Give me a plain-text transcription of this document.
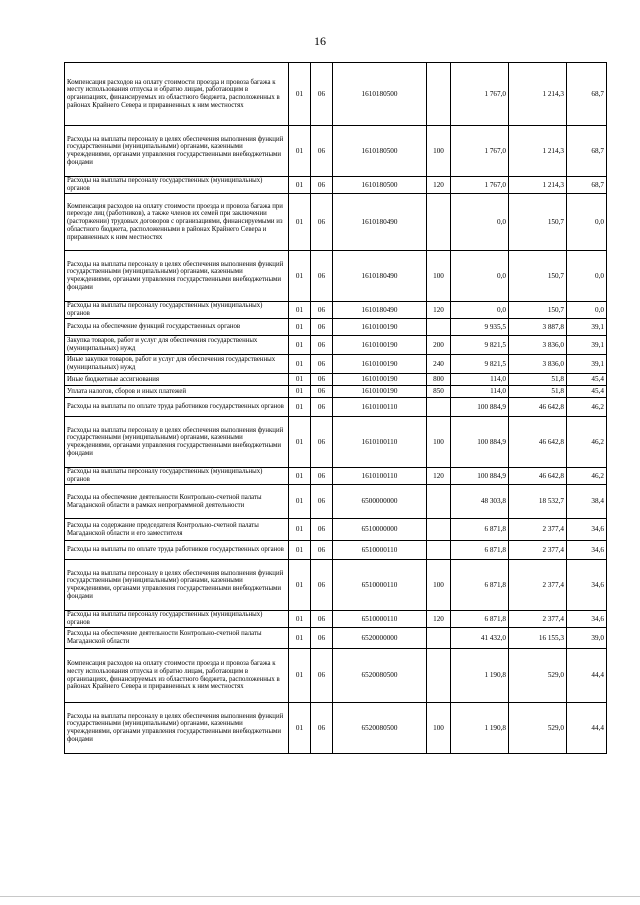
16
Компенсация расходов на оплату стоимости проезда и провоза багажа к месту использования отпуска и обратно лицам, работающим в организациях, финансируемых из областного бюджета, расположенных в районах Крайнего Севера и приравненных к ним местностях	01	06	1610180500		1 767,0	1 214,3	68,7
Расходы на выплаты персоналу в целях обеспечения выполнения функций государственными (муниципальными) органами, казенными учреждениями, органами управления государственными внебюджетными фондами	01	06	1610180500	100	1 767,0	1 214,3	68,7
Расходы на выплаты персоналу государственных (муниципальных) органов	01	06	1610180500	120	1 767,0	1 214,3	68,7
Компенсация расходов на оплату стоимости проезда и провоза багажа при переезде лиц (работников), а также членов их семей при заключении (расторжении) трудовых договоров с организациями, финансируемыми из областного бюджета, расположенными в районах Крайнего Севера и приравненных к ним местностях	01	06	1610180490		0,0	150,7	0,0
Расходы на выплаты персоналу в целях обеспечения выполнения функций государственными (муниципальными) органами, казенными учреждениями, органами управления государственными внебюджетными фондами	01	06	1610180490	100	0,0	150,7	0,0
Расходы на выплаты персоналу государственных (муниципальных) органов	01	06	1610180490	120	0,0	150,7	0,0
Расходы на обеспечение функций государственных органов	01	06	1610100190		9 935,5	3 887,8	39,1
Закупка товаров, работ и услуг для обеспечения государственных (муниципальных) нужд	01	06	1610100190	200	9 821,5	3 836,0	39,1
Иные закупки товаров, работ и услуг для обеспечения государственных (муниципальных) нужд	01	06	1610100190	240	9 821,5	3 836,0	39,1
Иные бюджетные ассигнования	01	06	1610100190	800	114,0	51,8	45,4
Уплата налогов, сборов и иных платежей	01	06	1610100190	850	114,0	51,8	45,4
Расходы на выплаты по оплате труда работников государственных органов	01	06	1610100110		100 884,9	46 642,8	46,2
Расходы на выплаты персоналу в целях обеспечения выполнения функций государственными (муниципальными) органами, казенными учреждениями, органами управления государственными внебюджетными фондами	01	06	1610100110	100	100 884,9	46 642,8	46,2
Расходы на выплаты персоналу государственных (муниципальных) органов	01	06	1610100110	120	100 884,9	46 642,8	46,2
Расходы на обеспечение деятельности Контрольно-счетной палаты Магаданской области в рамках непрограммной деятельности	01	06	6500000000		48 303,8	18 532,7	38,4
Расходы на содержание председателя Контрольно-счетной палаты Магаданской области и его заместителя	01	06	6510000000		6 871,8	2 377,4	34,6
Расходы на выплаты по оплате труда работников государственных органов	01	06	6510000110		6 871,8	2 377,4	34,6
Расходы на выплаты персоналу в целях обеспечения выполнения функций государственными (муниципальными) органами, казенными учреждениями, органами управления государственными внебюджетными фондами	01	06	6510000110	100	6 871,8	2 377,4	34,6
Расходы на выплаты персоналу государственных (муниципальных) органов	01	06	6510000110	120	6 871,8	2 377,4	34,6
Расходы на обеспечение деятельности Контрольно-счетной палаты Магаданской области	01	06	6520000000		41 432,0	16 155,3	39,0
Компенсация расходов на оплату стоимости проезда и провоза багажа к месту использования отпуска и обратно лицам, работающим в организациях, финансируемых из областного бюджета, расположенных в районах Крайнего Севера и приравненных к ним местностях	01	06	6520080500		1 190,8	529,0	44,4
Расходы на выплаты персоналу в целях обеспечения выполнения функций государственными (муниципальными) органами, казенными учреждениями, органами управления государственными внебюджетными фондами	01	06	6520080500	100	1 190,8	529,0	44,4
